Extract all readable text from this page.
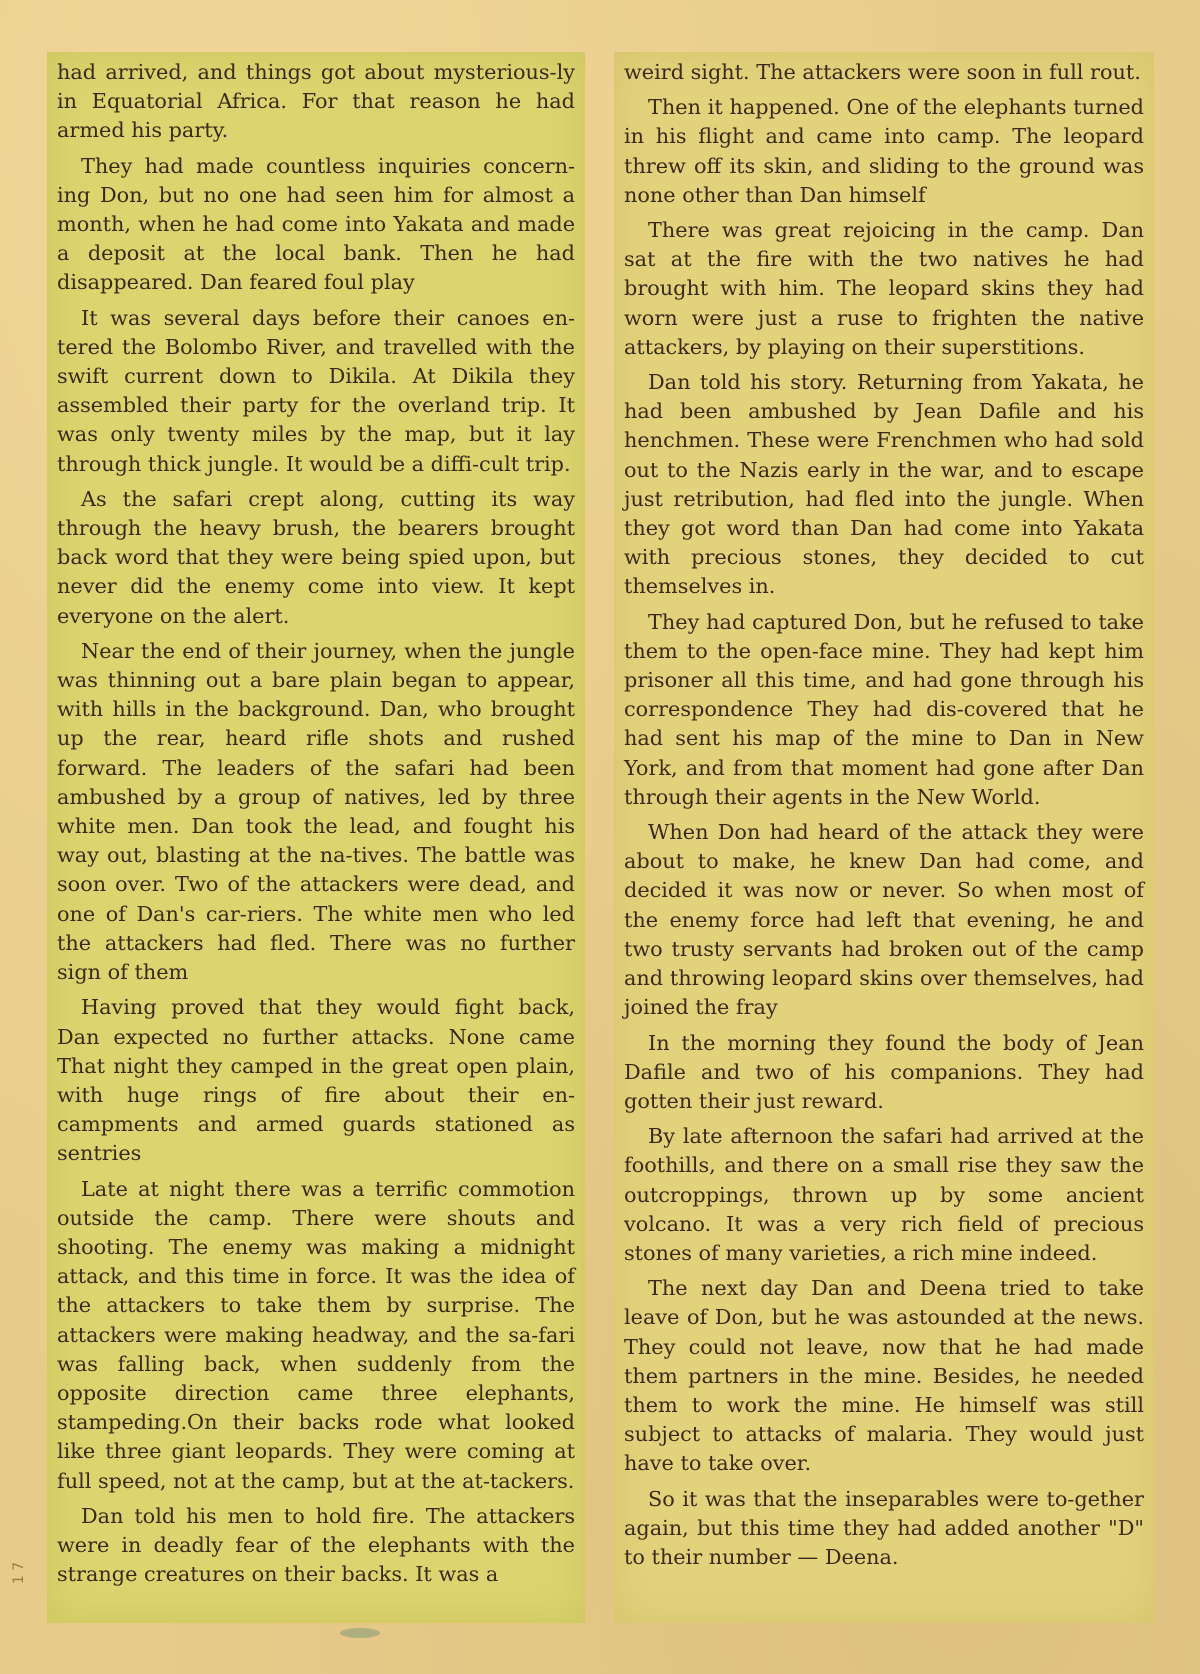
had arrived, and things got about mysterious-ly in Equatorial Africa. For that reason he had armed his party.

They had made countless inquiries concern-ing Don, but no one had seen him for almost a month, when he had come into Yakata and made a deposit at the local bank. Then he had disappeared. Dan feared foul play

It was several days before their canoes en-tered the Bolombo River, and travelled with the swift current down to Dikila. At Dikila they assembled their party for the overland trip. It was only twenty miles by the map, but it lay through thick jungle. It would be a diffi-cult trip.

As the safari crept along, cutting its way through the heavy brush, the bearers brought back word that they were being spied upon, but never did the enemy come into view. It kept everyone on the alert.

Near the end of their journey, when the jungle was thinning out a bare plain began to appear, with hills in the background. Dan, who brought up the rear, heard rifle shots and rushed forward. The leaders of the safari had been ambushed by a group of natives, led by three white men. Dan took the lead, and fought his way out, blasting at the na-tives. The battle was soon over. Two of the attackers were dead, and one of Dan's car-riers. The white men who led the attackers had fled. There was no further sign of them

Having proved that they would fight back, Dan expected no further attacks. None came That night they camped in the great open plain, with huge rings of fire about their en-campments and armed guards stationed as sentries

Late at night there was a terrific commotion outside the camp. There were shouts and shooting. The enemy was making a midnight attack, and this time in force. It was the idea of the attackers to take them by surprise. The attackers were making headway, and the sa-fari was falling back, when suddenly from the opposite direction came three elephants, stampeding.On their backs rode what looked like three giant leopards. They were coming at full speed, not at the camp, but at the at-tackers.

Dan told his men to hold fire. The attackers were in deadly fear of the elephants with the strange creatures on their backs. It was a

weird sight. The attackers were soon in full rout.

Then it happened. One of the elephants turned in his flight and came into camp. The leopard threw off its skin, and sliding to the ground was none other than Dan himself

There was great rejoicing in the camp. Dan sat at the fire with the two natives he had brought with him. The leopard skins they had worn were just a ruse to frighten the native attackers, by playing on their superstitions.

Dan told his story. Returning from Yakata, he had been ambushed by Jean Dafile and his henchmen. These were Frenchmen who had sold out to the Nazis early in the war, and to escape just retribution, had fled into the jungle. When they got word than Dan had come into Yakata with precious stones, they decided to cut themselves in.

They had captured Don, but he refused to take them to the open-face mine. They had kept him prisoner all this time, and had gone through his correspondence They had dis-covered that he had sent his map of the mine to Dan in New York, and from that moment had gone after Dan through their agents in the New World.

When Don had heard of the attack they were about to make, he knew Dan had come, and decided it was now or never. So when most of the enemy force had left that evening, he and two trusty servants had broken out of the camp and throwing leopard skins over themselves, had joined the fray

In the morning they found the body of Jean Dafile and two of his companions. They had gotten their just reward.

By late afternoon the safari had arrived at the foothills, and there on a small rise they saw the outcroppings, thrown up by some ancient volcano. It was a very rich field of precious stones of many varieties, a rich mine indeed.

The next day Dan and Deena tried to take leave of Don, but he was astounded at the news. They could not leave, now that he had made them partners in the mine. Besides, he needed them to work the mine. He himself was still subject to attacks of malaria. They would just have to take over.

So it was that the inseparables were to-gether again, but this time they had added another "D" to their number — Deena.

1 7
